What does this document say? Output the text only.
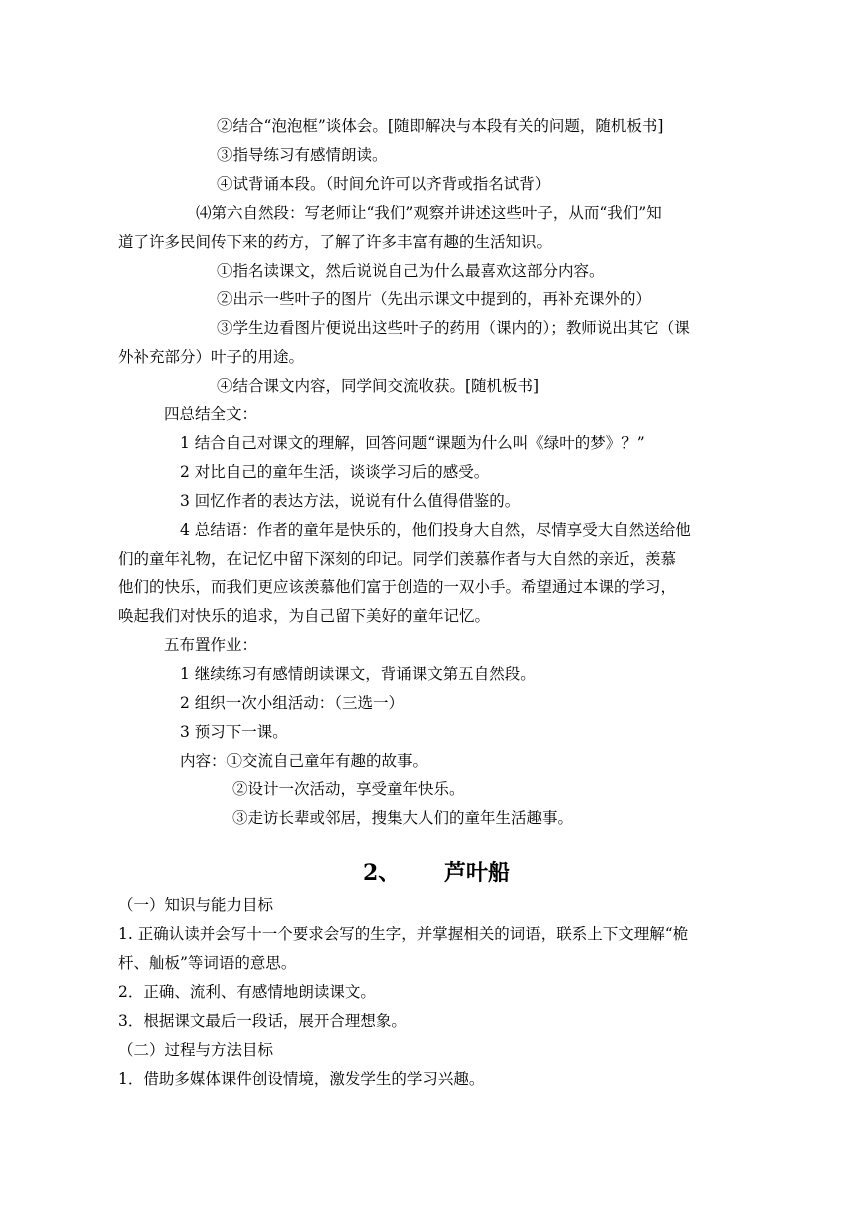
②结合“泡泡框”谈体会。[随即解决与本段有关的问题，随机板书]
③指导练习有感情朗读。
④试背诵本段。（时间允许可以齐背或指名试背）
⑷第六自然段：写老师让“我们”观察并讲述这些叶子，从而“我们”知
道了许多民间传下来的药方，了解了许多丰富有趣的生活知识。
①指名读课文，然后说说自己为什么最喜欢这部分内容。
②出示一些叶子的图片（先出示课文中提到的，再补充课外的）
③学生边看图片便说出这些叶子的药用（课内的）；教师说出其它（课
外补充部分）叶子的用途。
④结合课文内容，同学间交流收获。[随机板书]
四总结全文：
1 结合自己对课文的理解，回答问题“课题为什么叫《绿叶的梦》？”
2 对比自己的童年生活，谈谈学习后的感受。
3 回忆作者的表达方法，说说有什么值得借鉴的。
4 总结语：作者的童年是快乐的，他们投身大自然，尽情享受大自然送给他
们的童年礼物，在记忆中留下深刻的印记。同学们羡慕作者与大自然的亲近，羡慕
他们的快乐，而我们更应该羡慕他们富于创造的一双小手。希望通过本课的学习，
唤起我们对快乐的追求，为自己留下美好的童年记忆。
五布置作业：
1 继续练习有感情朗读课文，背诵课文第五自然段。
2 组织一次小组活动：（三选一）
3 预习下一课。
内容：①交流自己童年有趣的故事。
②设计一次活动，享受童年快乐。
③走访长辈或邻居，搜集大人们的童年生活趣事。
2、 芦叶船
（一）知识与能力目标
1. 正确认读并会写十一个要求会写的生字，并掌握相关的词语，联系上下文理解“桅
杆、舢板”等词语的意思。
2．正确、流利、有感情地朗读课文。
3．根据课文最后一段话，展开合理想象。
（二）过程与方法目标
1．借助多媒体课件创设情境，激发学生的学习兴趣。
